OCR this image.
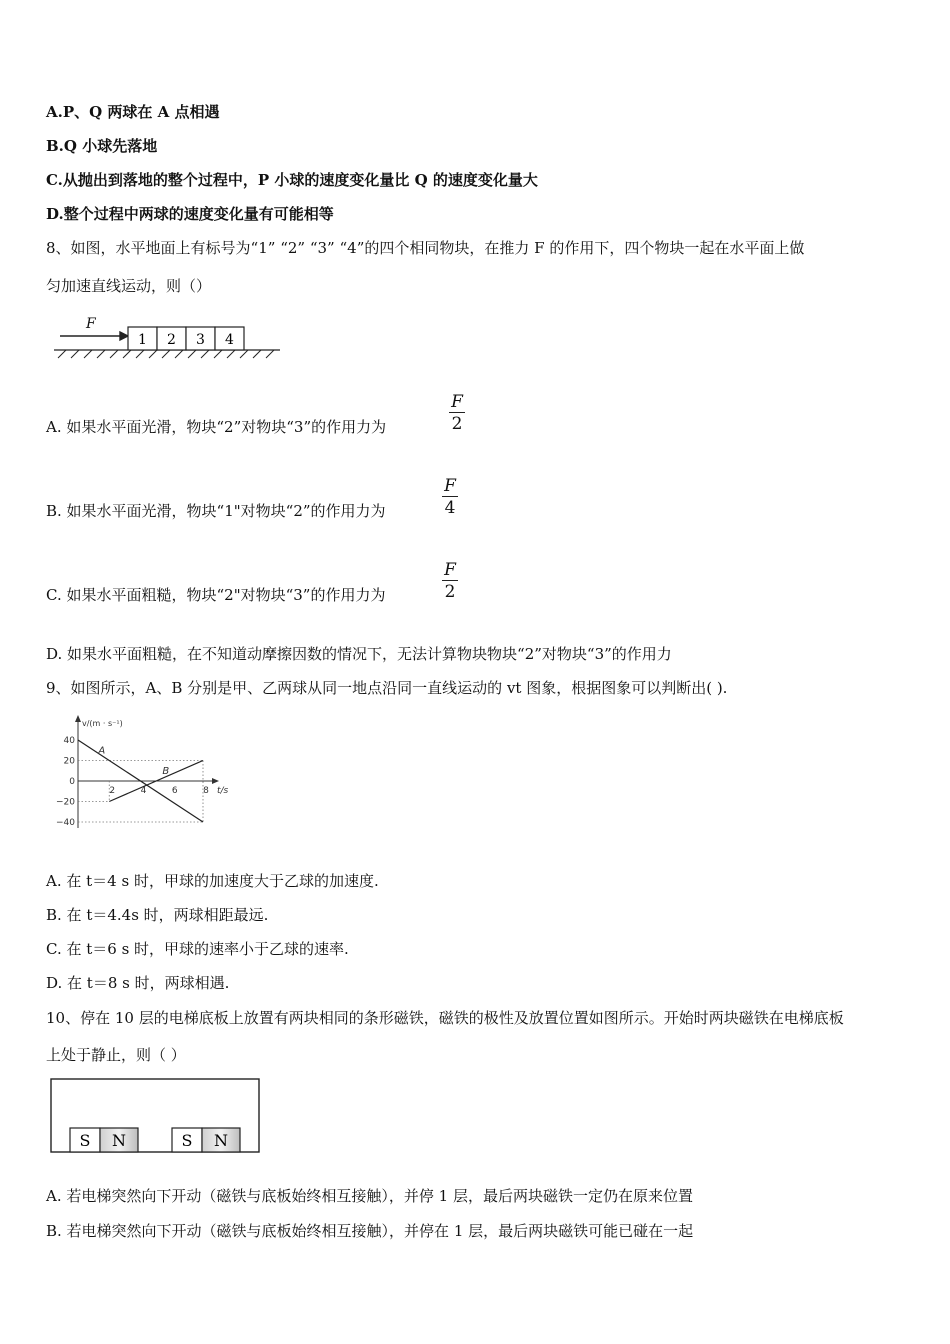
A.P、Q 两球在 A 点相遇
B.Q 小球先落地
C.从抛出到落地的整个过程中，P 小球的速度变化量比 Q 的速度变化量大
D.整个过程中两球的速度变化量有可能相等
8、如图，水平地面上有标号为“1” “2” “3” “4”的四个相同物块，在推力 F 的作用下，四个物块一起在水平面上做
匀加速直线运动，则（）
F
1 2 3 4
A. 如果水平面光滑，物块“2”对物块“3”的作用力为
F
2
B. 如果水平面光滑，物块“1"对物块“2”的作用力为
F
4
C. 如果水平面粗糙，物块“2"对物块“3”的作用力为
F
2
D. 如果水平面粗糙，在不知道动摩擦因数的情况下，无法计算物块物块“2”对物块“3”的作用力
9、如图所示，A、B 分别是甲、乙两球从同一地点沿同一直线运动的 vt 图象，根据图象可以判断出( ).
v/(m · s⁻¹)
t/s
40
20
0
−20
−40
2	4	6	8
A
B
A. 在 t＝4 s 时，甲球的加速度大于乙球的加速度.
B. 在 t＝4.4s 时，两球相距最远.
C. 在 t＝6 s 时，甲球的速率小于乙球的速率.
D. 在 t＝8 s 时，两球相遇.
10、停在 10 层的电梯底板上放置有两块相同的条形磁铁，磁铁的极性及放置位置如图所示。开始时两块磁铁在电梯底板
上处于静止，则（ ）
S N	S N
A. 若电梯突然向下开动（磁铁与底板始终相互接触），并停 1 层，最后两块磁铁一定仍在原来位置
B. 若电梯突然向下开动（磁铁与底板始终相互接触），并停在 1 层，最后两块磁铁可能已碰在一起
